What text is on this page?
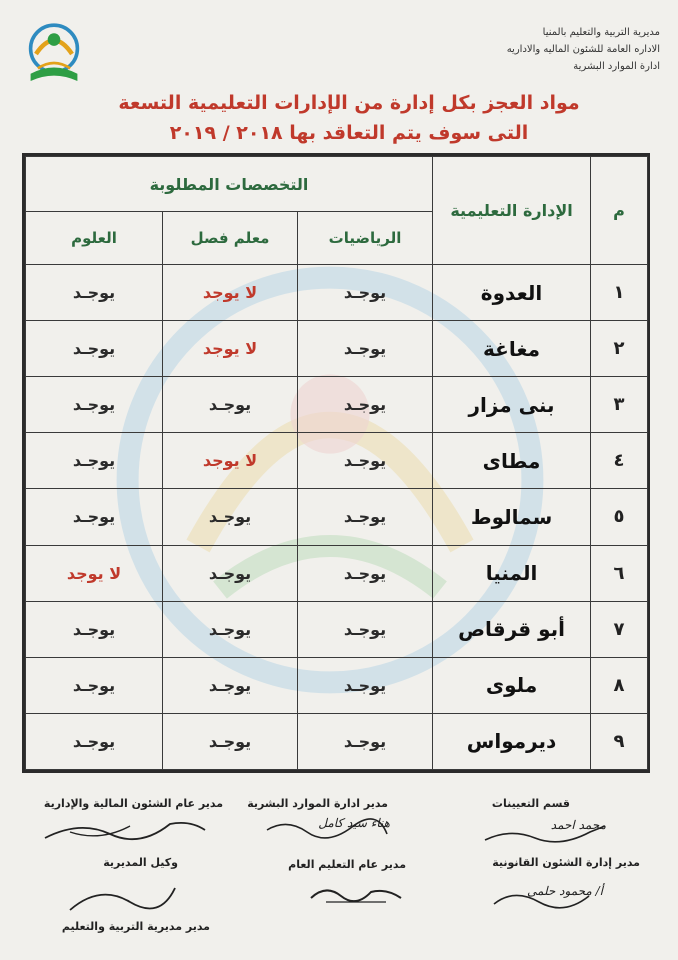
مديرية التربية والتعليم بالمنيا
الاداره العامة للشئون الماليه والاداريه
ادارة الموارد البشرية
مواد العجز بكل إدارة من الإدارات التعليمية التسعة
التى سوف يتم التعاقد بها ٢٠١٨ / ٢٠١٩
م	الإدارة التعليمية	التخصصات المطلوبة		
		الرياضيات	معلم فصل	العلوم
١	العدوة	يوجـد	لا يوجد	يوجـد
٢	مغاغة	يوجـد	لا يوجد	يوجـد
٣	بنى مزار	يوجـد	يوجـد	يوجـد
٤	مطاى	يوجـد	لا يوجد	يوجـد
٥	سمالوط	يوجـد	يوجـد	يوجـد
٦	المنيا	يوجـد	يوجـد	لا يوجد
٧	أبو قرقاص	يوجـد	يوجـد	يوجـد
٨	ملوى	يوجـد	يوجـد	يوجـد
٩	ديرمواس	يوجـد	يوجـد	يوجـد
قسم التعيينات
مدير ادارة الموارد البشرية
مدير عام الشئون المالية والإدارية
محمد احمد
هناء سيد كامل
مدير إدارة الشئون القانونية
مدير عام التعليم العام
وكيل المديرية
أ/ محمود حلمى
مدير مديرية التربية والتعليم
